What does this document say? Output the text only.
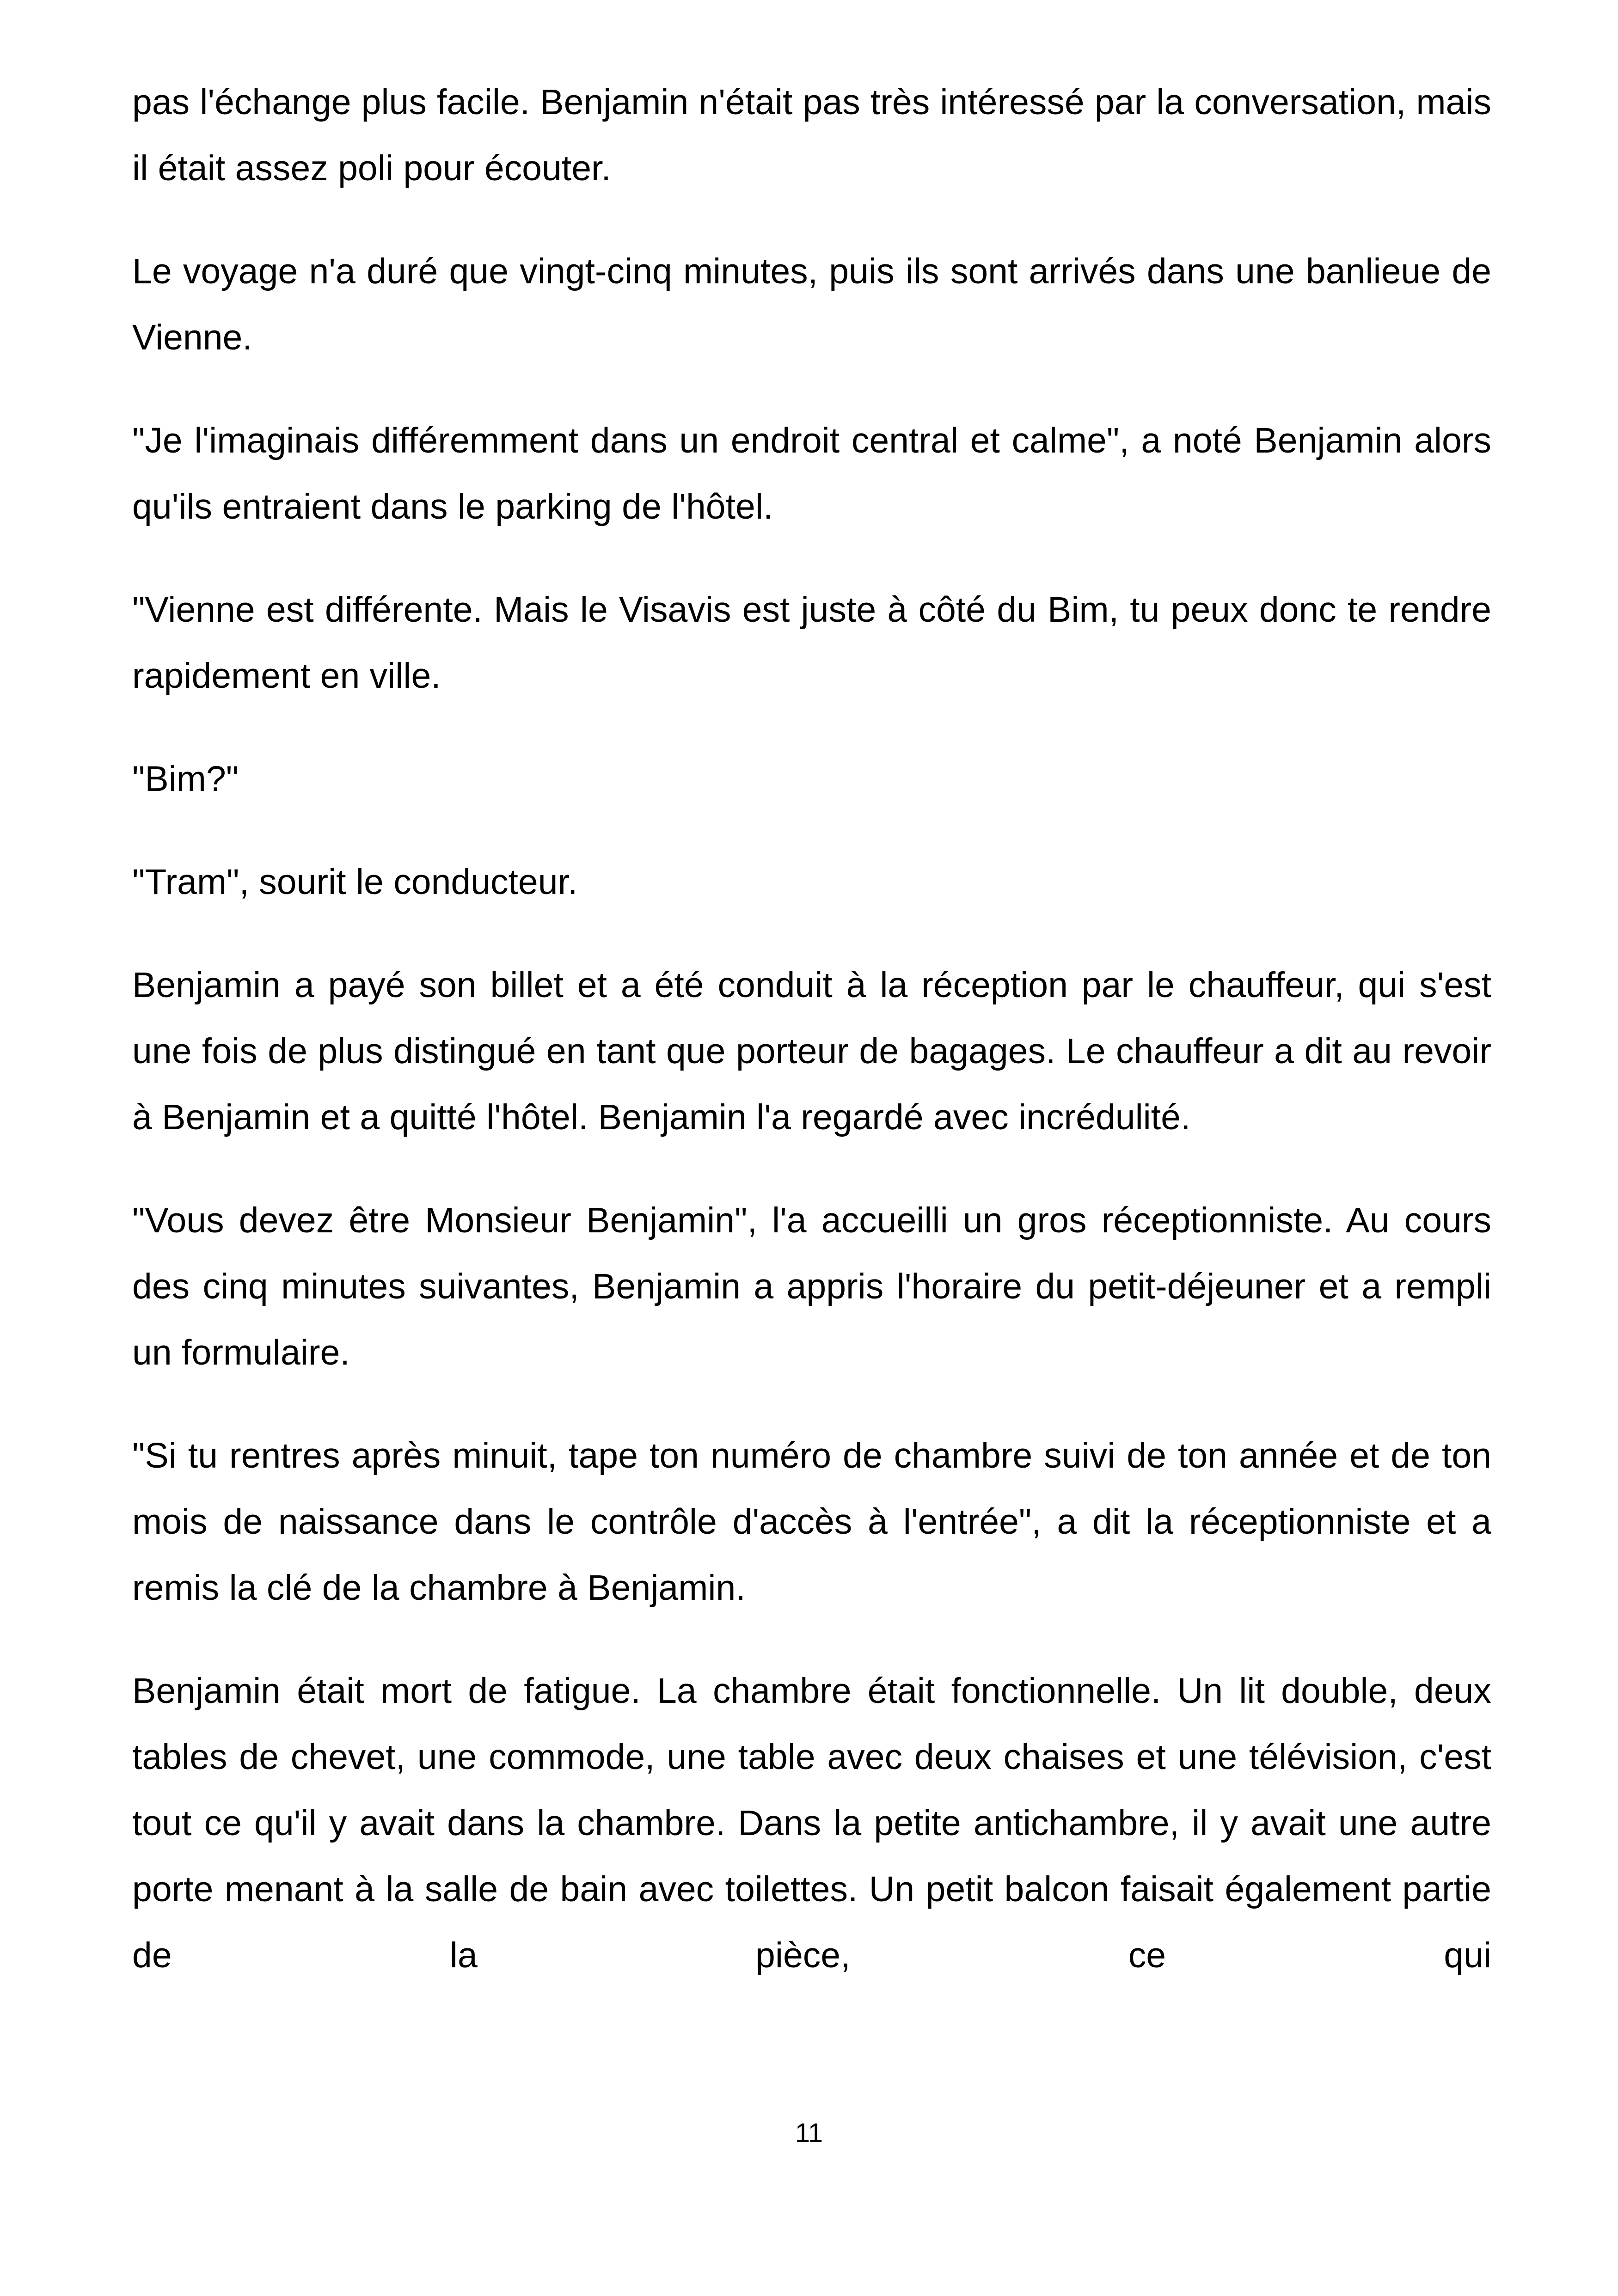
pas l'échange plus facile. Benjamin n'était pas très intéressé par la conversation, mais il était assez poli pour écouter.

Le voyage n'a duré que vingt-cinq minutes, puis ils sont arrivés dans une banlieue de Vienne.

"Je l'imaginais différemment dans un endroit central et calme", a noté Benjamin alors qu'ils entraient dans le parking de l'hôtel.

"Vienne est différente. Mais le Visavis est juste à côté du Bim, tu peux donc te rendre rapidement en ville.

"Bim?"

"Tram", sourit le conducteur.

Benjamin a payé son billet et a été conduit à la réception par le chauffeur, qui s'est une fois de plus distingué en tant que porteur de bagages. Le chauffeur a dit au revoir à Benjamin et a quitté l'hôtel. Benjamin l'a regardé avec incrédulité.

"Vous devez être Monsieur Benjamin", l'a accueilli un gros réceptionniste. Au cours des cinq minutes suivantes, Benjamin a appris l'horaire du petit-déjeuner et a rempli un formulaire.

"Si tu rentres après minuit, tape ton numéro de chambre suivi de ton année et de ton mois de naissance dans le contrôle d'accès à l'entrée", a dit la réceptionniste et a remis la clé de la chambre à Benjamin.

Benjamin était mort de fatigue. La chambre était fonctionnelle. Un lit double, deux tables de chevet, une commode, une table avec deux chaises et une télévision, c'est tout ce qu'il y avait dans la chambre. Dans la petite antichambre, il y avait une autre porte menant à la salle de bain avec toilettes. Un petit balcon faisait également partie de la pièce, ce qui

11
